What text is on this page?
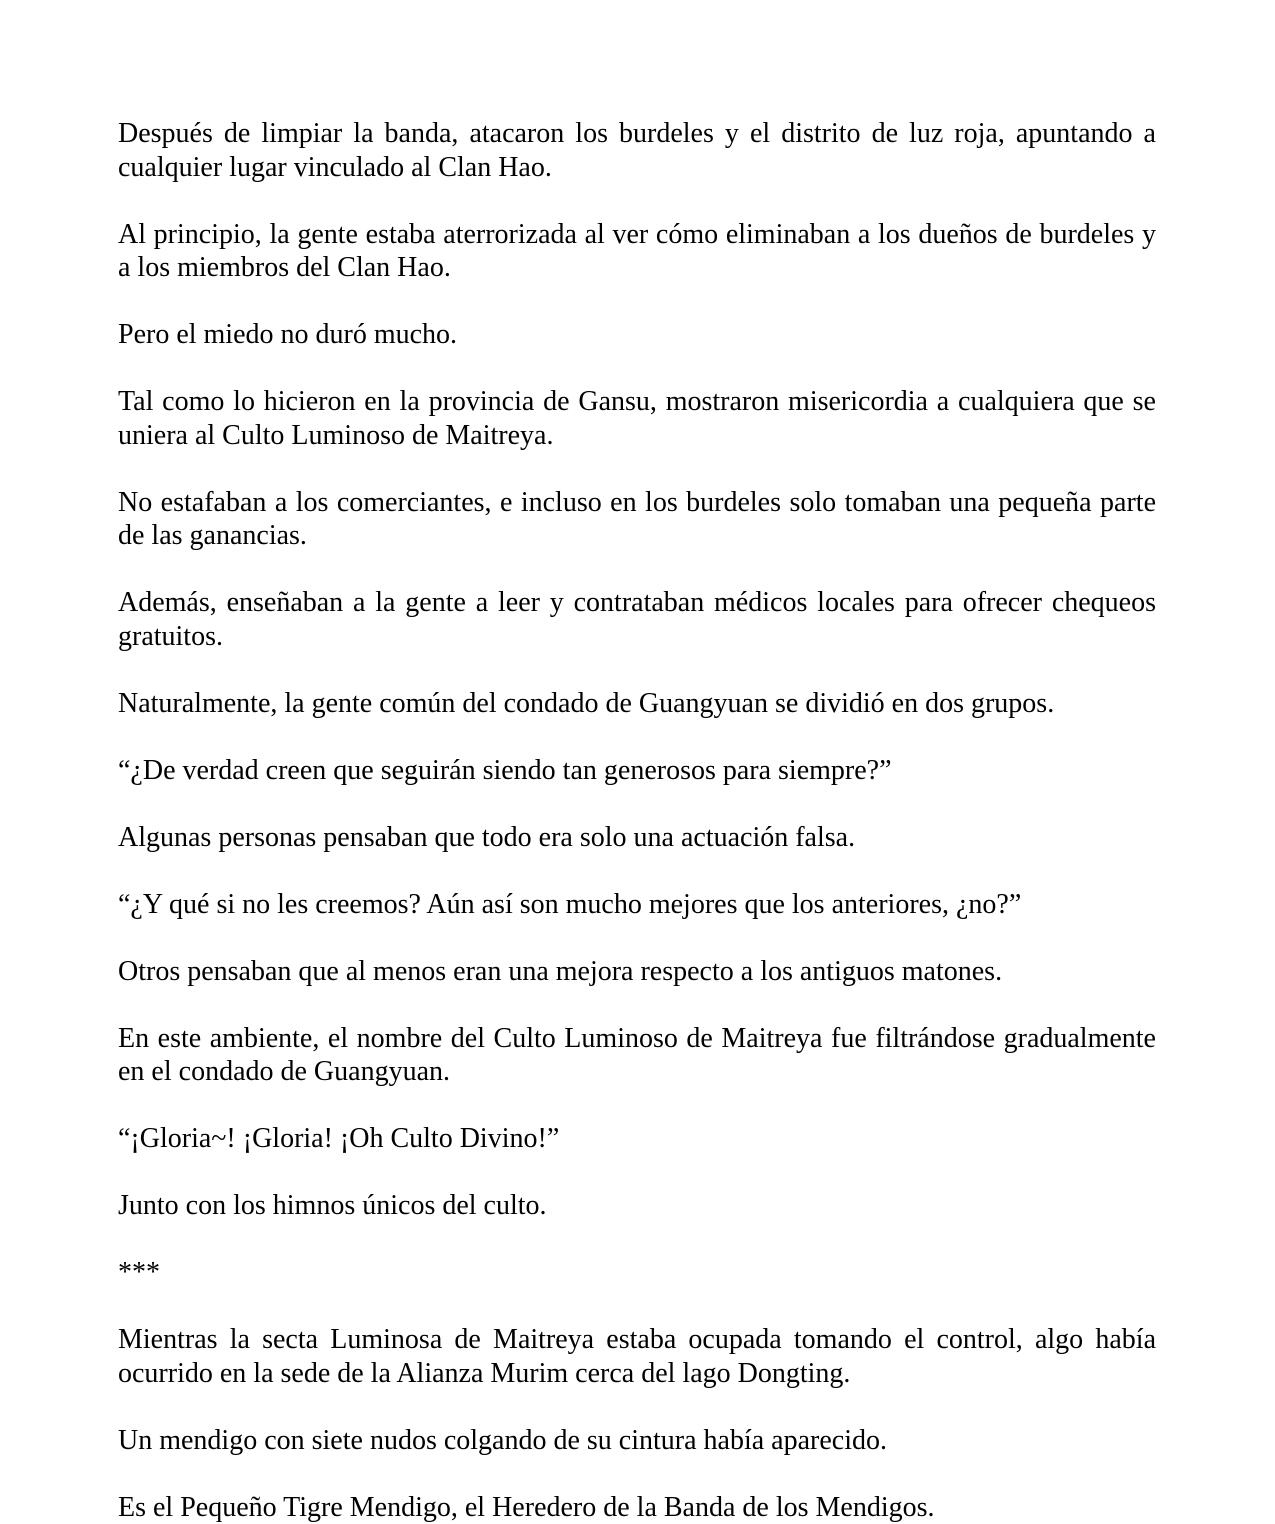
Después de limpiar la banda, atacaron los burdeles y el distrito de luz roja, apuntando a cualquier lugar vinculado al Clan Hao.

Al principio, la gente estaba aterrorizada al ver cómo eliminaban a los dueños de burdeles y a los miembros del Clan Hao.

Pero el miedo no duró mucho.

Tal como lo hicieron en la provincia de Gansu, mostraron misericordia a cualquiera que se uniera al Culto Luminoso de Maitreya.

No estafaban a los comerciantes, e incluso en los burdeles solo tomaban una pequeña parte de las ganancias.

Además, enseñaban a la gente a leer y contrataban médicos locales para ofrecer chequeos gratuitos.

Naturalmente, la gente común del condado de Guangyuan se dividió en dos grupos.

“¿De verdad creen que seguirán siendo tan generosos para siempre?”

Algunas personas pensaban que todo era solo una actuación falsa.

“¿Y qué si no les creemos? Aún así son mucho mejores que los anteriores, ¿no?”

Otros pensaban que al menos eran una mejora respecto a los antiguos matones.

En este ambiente, el nombre del Culto Luminoso de Maitreya fue filtrándose gradualmente en el condado de Guangyuan.

“¡Gloria~! ¡Gloria! ¡Oh Culto Divino!”

Junto con los himnos únicos del culto.

***

Mientras la secta Luminosa de Maitreya estaba ocupada tomando el control, algo había ocurrido en la sede de la Alianza Murim cerca del lago Dongting.

Un mendigo con siete nudos colgando de su cintura había aparecido.

Es el Pequeño Tigre Mendigo, el Heredero de la Banda de los Mendigos.
